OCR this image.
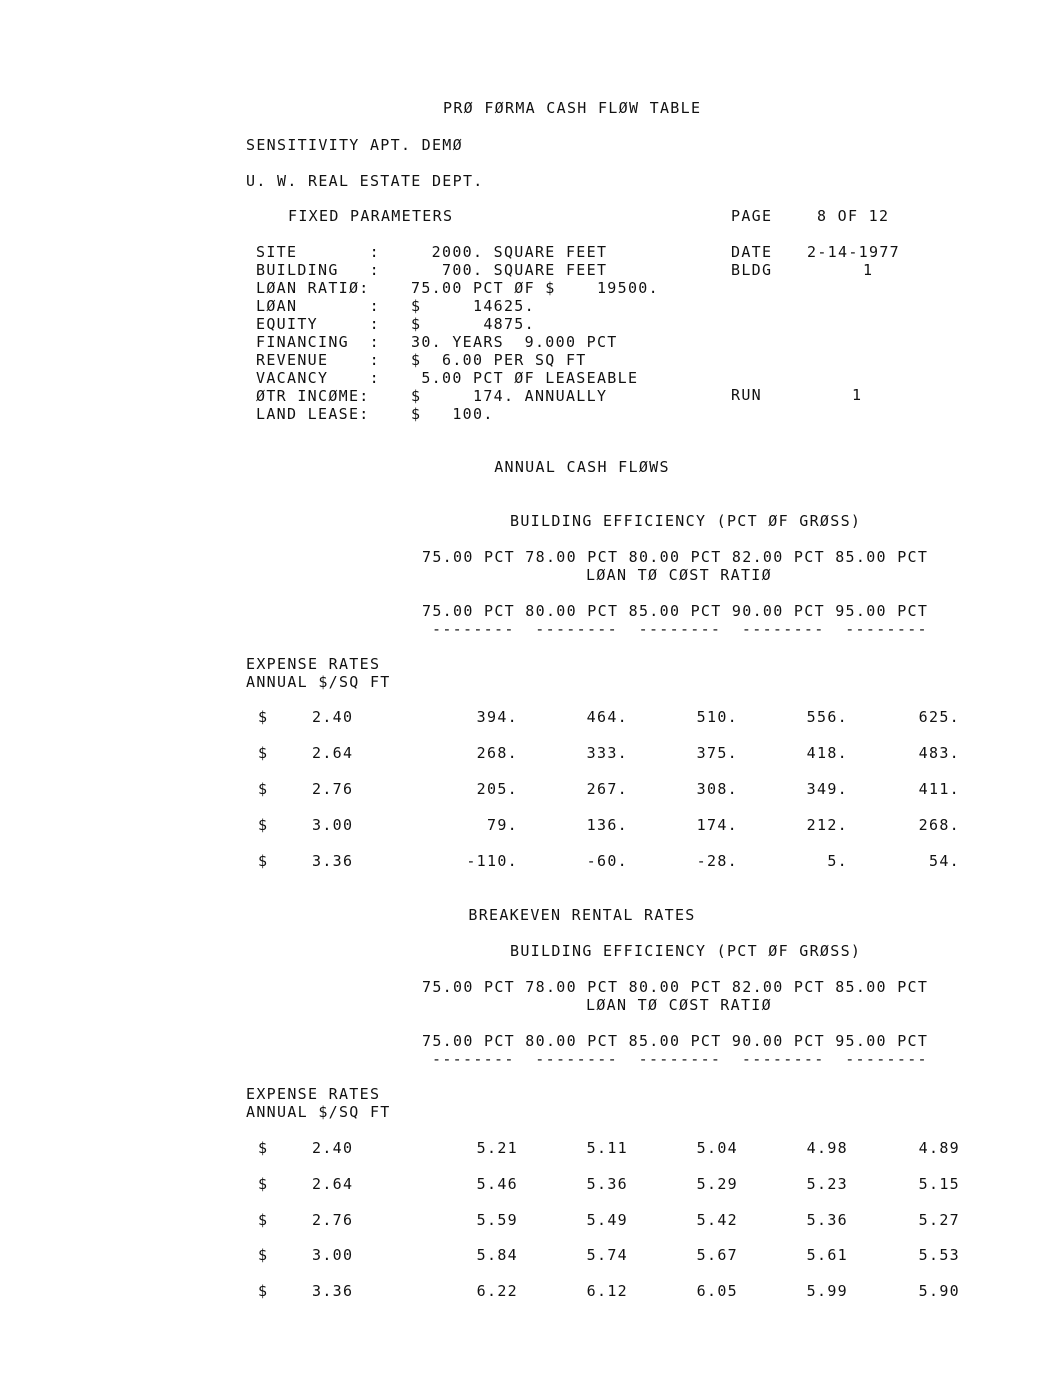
PRØ FØRMA CASH FLØW TABLE
SENSITIVITY APT. DEMØ
U. W. REAL ESTATE DEPT.
FIXED PARAMETERS	PAGE	8 OF 12
DATE 2-14-1977
BLDG	1
RUN	1
SITE       : 2000. SQUARE FEET
BUILDING   : 700. SQUARE FEET
LØAN RATIØ:	75.00 PCT ØF $    19500.
LØAN       : $     14625.
EQUITY     : $      4875.
FINANCING  : 30. YEARS  9.000 PCT
REVENUE    : $  6.00 PER SQ FT
VACANCY    : 5.00 PCT ØF LEASEABLE
ØTR INCØME:	$     174. ANNUALLY
LAND LEASE:	$   100.
ANNUAL CASH FLØWS
BUILDING EFFICIENCY (PCT ØF GRØSS)
75.00 PCT 78.00 PCT 80.00 PCT 82.00 PCT 85.00 PCT
LØAN TØ CØST RATIØ
75.00 PCT 80.00 PCT 85.00 PCT 90.00 PCT 95.00 PCT
--------  --------  --------  --------  --------
EXPENSE RATES
ANNUAL $/SQ FT
$	2.40	394.	464.	510.	556.	625.
$	2.64	268.	333.	375.	418.	483.
$	2.76	205.	267.	308.	349.	411.
$	3.00	79.	136.	174.	212.	268.
$	3.36	-110.	-60.	-28.	5.	54.
BREAKEVEN RENTAL RATES
BUILDING EFFICIENCY (PCT ØF GRØSS)
75.00 PCT 78.00 PCT 80.00 PCT 82.00 PCT 85.00 PCT
LØAN TØ CØST RATIØ
75.00 PCT 80.00 PCT 85.00 PCT 90.00 PCT 95.00 PCT
--------  --------  --------  --------  --------
EXPENSE RATES
ANNUAL $/SQ FT
$	2.40	5.21	5.11	5.04	4.98	4.89
$	2.64	5.46	5.36	5.29	5.23	5.15
$	2.76	5.59	5.49	5.42	5.36	5.27
$	3.00	5.84	5.74	5.67	5.61	5.53
$	3.36	6.22	6.12	6.05	5.99	5.90
